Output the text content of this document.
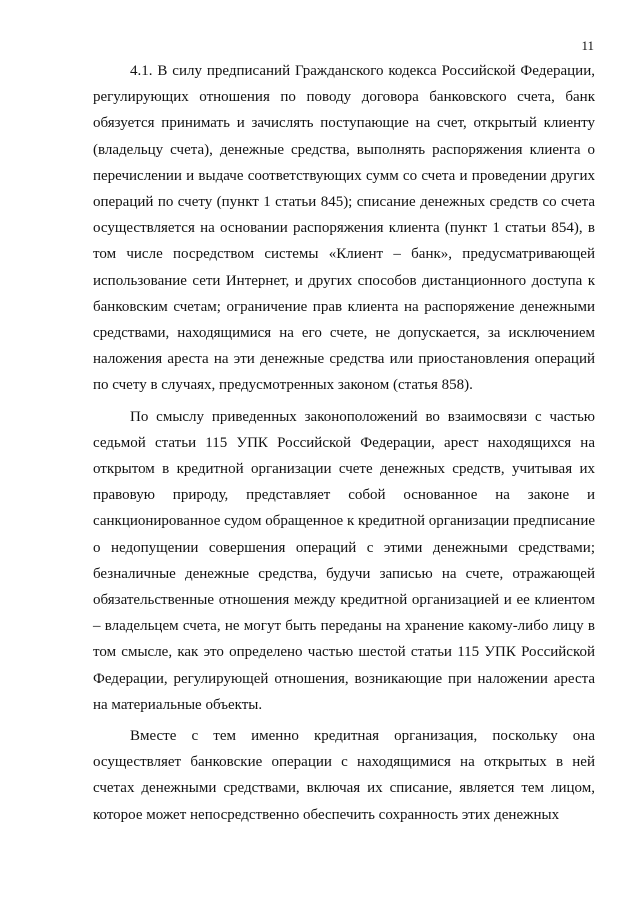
11

4.1. В силу предписаний Гражданского кодекса Российской Федерации, регулирующих отношения по поводу договора банковского счета, банк обязуется принимать и зачислять поступающие на счет, открытый клиенту (владельцу счета), денежные средства, выполнять распоряжения клиента о перечислении и выдаче соответствующих сумм со счета и проведении других операций по счету (пункт 1 статьи 845); списание денежных средств со счета осуществляется на основании распоряжения клиента (пункт 1 статьи 854), в том числе посредством системы «Клиент – банк», предусматривающей использование сети Интернет, и других способов дистанционного доступа к банковским счетам; ограничение прав клиента на распоряжение денежными средствами, находящимися на его счете, не допускается, за исключением наложения ареста на эти денежные средства или приостановления операций по счету в случаях, предусмотренных законом (статья 858).

По смыслу приведенных законоположений во взаимосвязи с частью седьмой статьи 115 УПК Российской Федерации, арест находящихся на открытом в кредитной организации счете денежных средств, учитывая их правовую природу, представляет собой основанное на законе и санкционированное судом обращенное к кредитной организации предписание о недопущении совершения операций с этими денежными средствами; безналичные денежные средства, будучи записью на счете, отражающей обязательственные отношения между кредитной организацией и ее клиентом – владельцем счета, не могут быть переданы на хранение какому-либо лицу в том смысле, как это определено частью шестой статьи 115 УПК Российской Федерации, регулирующей отношения, возникающие при наложении ареста на материальные объекты.

Вместе с тем именно кредитная организация, поскольку она осуществляет банковские операции с находящимися на открытых в ней счетах денежными средствами, включая их списание, является тем лицом, которое может непосредственно обеспечить сохранность этих денежных
